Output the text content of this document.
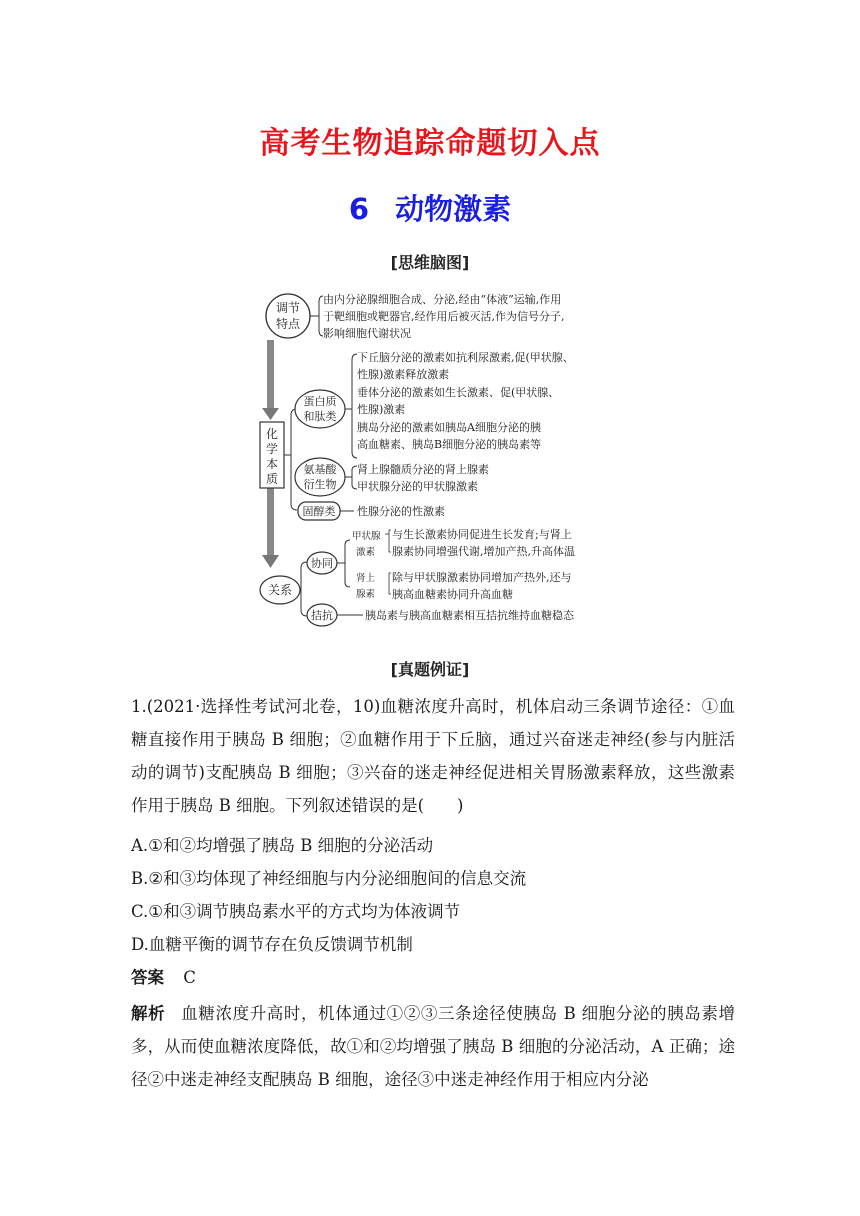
高考生物追踪命题切入点
6 动物激素
[思维脑图]
调节
特点
由内分泌腺细胞合成、分泌,经由“体液”运输,作用
于靶细胞或靶器官,经作用后被灭活,作为信号分子,
影响细胞代谢状况
化
学
本
质
蛋白质
和肽类
下丘脑分泌的激素如抗利尿激素,促(甲状腺、
性腺)激素释放激素
垂体分泌的激素如生长激素、促(甲状腺、
性腺)激素
胰岛分泌的激素如胰岛A细胞分泌的胰
高血糖素、胰岛B细胞分泌的胰岛素等
氨基酸
衍生物
肾上腺髓质分泌的肾上腺素
甲状腺分泌的甲状腺激素
固醇类 性腺分泌的性激素
关系
协同
甲状腺
激素
与生长激素协同促进生长发育;与肾上
腺素协同增强代谢,增加产热,升高体温
肾上
腺素
除与甲状腺激素协同增加产热外,还与
胰高血糖素协同升高血糖
拮抗	胰岛素与胰高血糖素相互拮抗维持血糖稳态
[真题例证]
1.(2021·选择性考试河北卷，10)血糖浓度升高时，机体启动三条调节途径：①血糖直接作用于胰岛 B 细胞；②血糖作用于下丘脑，通过兴奋迷走神经(参与内脏活动的调节)支配胰岛 B 细胞；③兴奋的迷走神经促进相关胃肠激素释放，这些激素作用于胰岛 B 细胞。下列叙述错误的是(　　)
A.①和②均增强了胰岛 B 细胞的分泌活动
B.②和③均体现了神经细胞与内分泌细胞间的信息交流
C.①和③调节胰岛素水平的方式均为体液调节
D.血糖平衡的调节存在负反馈调节机制
答案 C
解析 血糖浓度升高时，机体通过①②③三条途径使胰岛 B 细胞分泌的胰岛素增多，从而使血糖浓度降低，故①和②均增强了胰岛 B 细胞的分泌活动，A 正确；途径②中迷走神经支配胰岛 B 细胞，途径③中迷走神经作用于相应内分泌
